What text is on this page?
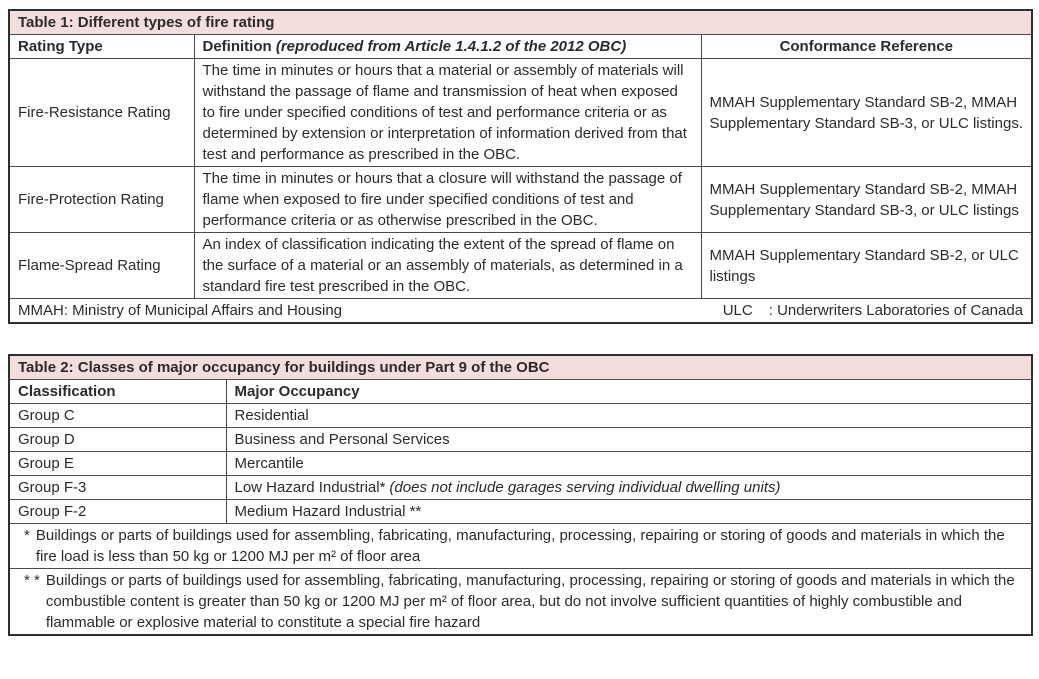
Table 1: Different types of fire rating		
Rating Type	Definition (reproduced from Article 1.4.1.2 of the 2012 OBC)	Conformance Reference
Fire-Resistance Rating	The time in minutes or hours that a material or assembly of materials will withstand the passage of flame and transmission of heat when exposed to fire under specified conditions of test and performance criteria or as determined by extension or interpretation of information derived from that test and performance as prescribed in the OBC.	MMAH Supplementary Standard SB-2, MMAH Supplementary Standard SB-3, or ULC listings.
Fire-Protection Rating	The time in minutes or hours that a closure will withstand the passage of flame when exposed to fire under specified conditions of test and performance criteria or as otherwise prescribed in the OBC.	MMAH Supplementary Standard SB-2, MMAH Supplementary Standard SB-3, or ULC listings
Flame-Spread Rating	An index of classification indicating the extent of the spread of flame on the surface of a material or an assembly of materials, as determined in a standard fire test prescribed in the OBC.	MMAH Supplementary Standard SB-2, or ULC listings

MMAH: Ministry of Municipal Affairs and Housing ULC : Underwriters Laboratories of Canada		
Table 2: Classes of major occupancy for buildings under Part 9 of the OBC	
Classification	Major Occupancy
Group C	Residential
Group D	Business and Personal Services
Group E	Mercantile
Group F-3	Low Hazard Industrial* (does not include garages serving individual dwelling units)
Group F-2	Medium Hazard Industrial **

* Buildings or parts of buildings used for assembling, fabricating, manufacturing, processing, repairing or storing of goods and materials in which the fire load is less than 50 kg or 1200 MJ per m² of floor area	

* * Buildings or parts of buildings used for assembling, fabricating, manufacturing, processing, repairing or storing of goods and materials in which the combustible content is greater than 50 kg or 1200 MJ per m² of floor area, but do not involve sufficient quantities of highly combustible and flammable or explosive material to constitute a special fire hazard	
